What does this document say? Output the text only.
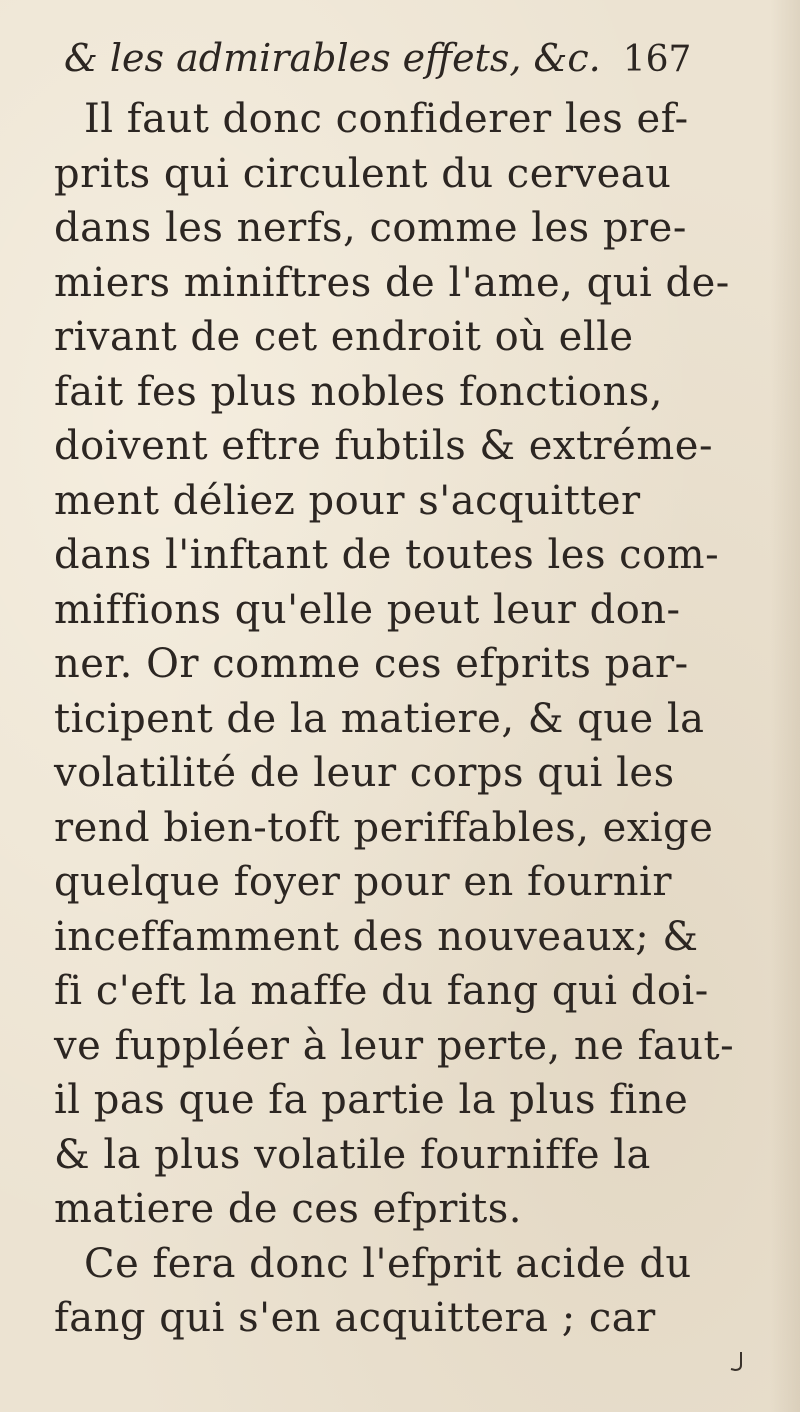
& les admirables effets, &c. 167
Il faut donc confiderer les ef-
prits qui circulent du cerveau
dans les nerfs, comme les pre-
miers miniftres de l'ame, qui de-
rivant de cet endroit où elle
fait fes plus nobles fonctions,
doivent eftre fubtils & extréme-
ment déliez pour s'acquitter
dans l'inftant de toutes les com-
miffions qu'elle peut leur don-
ner. Or comme ces efprits par-
ticipent de la matiere, & que la
volatilité de leur corps qui les
rend bien-toft periffables, exige
quelque foyer pour en fournir
inceffamment des nouveaux; &
fi c'eft la maffe du fang qui doi-
ve fuppléer à leur perte, ne faut-
il pas que fa partie la plus fine
& la plus volatile fourniffe la
matiere de ces efprits.
Ce fera donc l'efprit acide du
fang qui s'en acquittera ; car
